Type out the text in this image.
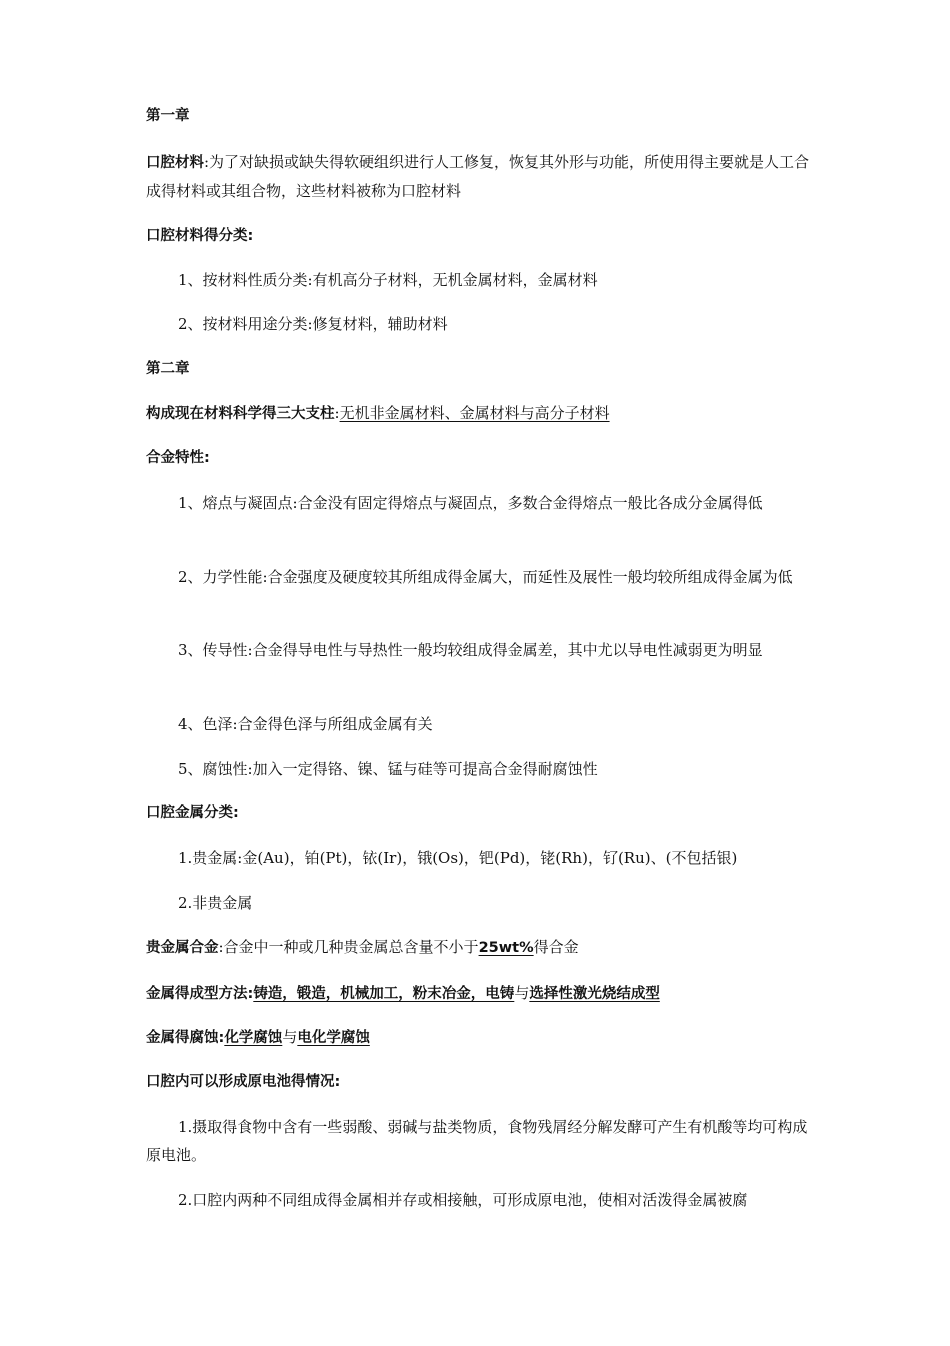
第一章

口腔材料:为了对缺损或缺失得软硬组织进行人工修复，恢复其外形与功能，所使用得主要就是人工合成得材料或其组合物，这些材料被称为口腔材料

口腔材料得分类:

1、按材料性质分类:有机高分子材料，无机金属材料，金属材料

2、按材料用途分类:修复材料，辅助材料

第二章

构成现在材料科学得三大支柱:无机非金属材料、金属材料与高分子材料

合金特性:

1、熔点与凝固点:合金没有固定得熔点与凝固点，多数合金得熔点一般比各成分金属得低

2、力学性能:合金强度及硬度较其所组成得金属大，而延性及展性一般均较所组成得金属为低

3、传导性:合金得导电性与导热性一般均较组成得金属差，其中尤以导电性减弱更为明显

4、色泽:合金得色泽与所组成金属有关

5、腐蚀性:加入一定得铬、镍、锰与硅等可提高合金得耐腐蚀性

口腔金属分类:

1.贵金属:金(Au)，铂(Pt)，铱(Ir)，锇(Os)，钯(Pd)，铑(Rh)，钌(Ru)、(不包括银)

2.非贵金属

贵金属合金:合金中一种或几种贵金属总含量不小于25wt%得合金

金属得成型方法:铸造，锻造，机械加工，粉末冶金，电铸与选择性激光烧结成型

金属得腐蚀:化学腐蚀与电化学腐蚀

口腔内可以形成原电池得情况:

1.摄取得食物中含有一些弱酸、弱碱与盐类物质，食物残屑经分解发酵可产生有机酸等均可构成原电池。

2.口腔内两种不同组成得金属相并存或相接触，可形成原电池，使相对活泼得金属被腐
